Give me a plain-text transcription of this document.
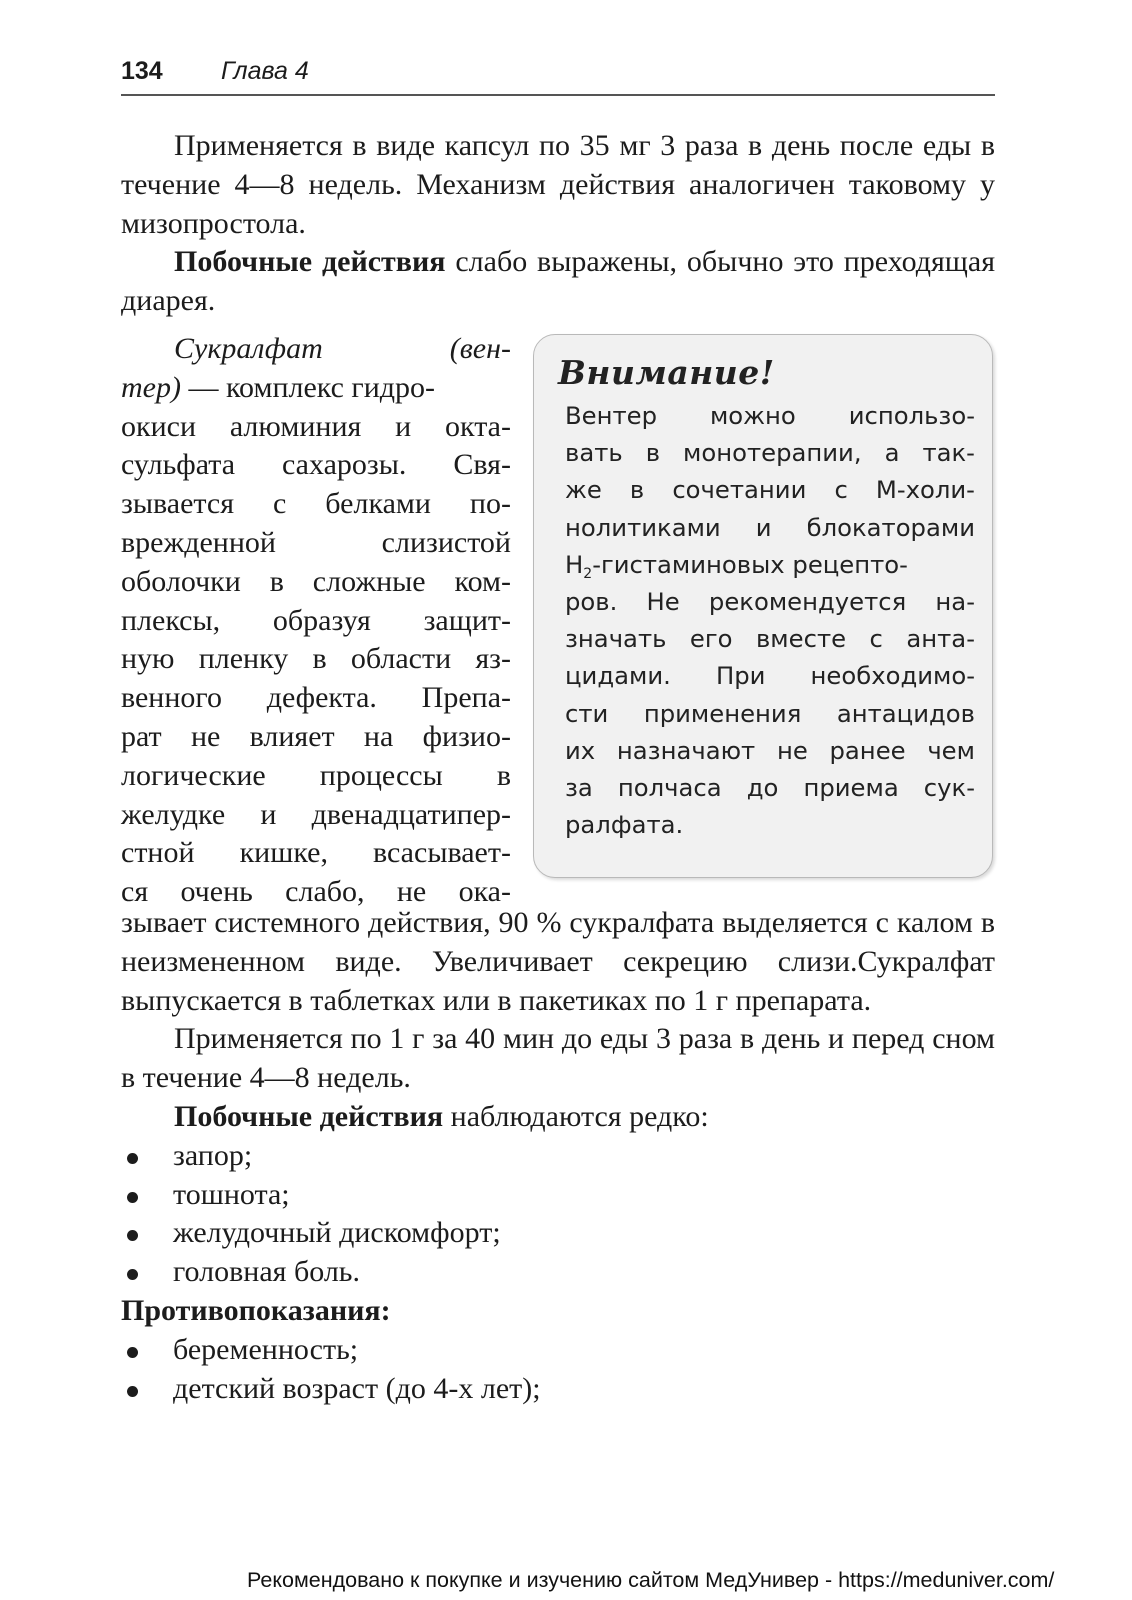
134 Глава 4

Применяется в виде капсул по 35 мг 3 раза в день после еды в течение 4—8 недель. Механизм действия аналогичен таковому у мизопростола.

Побочные действия слабо выражены, обычно это преходящая диарея.

Сукралфат	(вен-
тер) — комплекс гидро-
окиси алюминия и окта-
сульфата сахарозы. Свя-
зывается с белками по-
врежденной	слизистой
оболочки в сложные ком-
плексы, образуя защит-
ную пленку в области яз-
венного дефекта. Препа-
рат не влияет на физио-
логические процессы в
желудке и двенадцатипер-
стной кишке, всасывает-
ся очень слабо, не ока-
Внимание!
Вентер можно использо-
вать в монотерапии, а так-
же в сочетании с М-холи-
нолитиками и блокаторами
$H_2$-гистаминовых рецепто-
ров. Не рекомендуется на-
значать его вместе с анта-
цидами. При необходимо-
сти применения антацидов
их назначают не ранее чем
за полчаса до приема сук-
ралфата.

зывает системного действия, 90 % сукралфата выделяется с калом в неизмененном виде. Увеличивает секрецию слизи.Сукралфат выпускается в таблетках или в пакетиках по 1 г препарата.

Применяется по 1 г за 40 мин до еды 3 раза в день и перед сном в течение 4—8 недель.

Побочные действия наблюдаются редко:

запор;
тошнота;
желудочный дискомфорт;
головная боль.

Противопоказания:

беременность;
детский возраст (до 4-х лет);
Рекомендовано к покупке и изучению сайтом МедУнивер - https://meduniver.com/
